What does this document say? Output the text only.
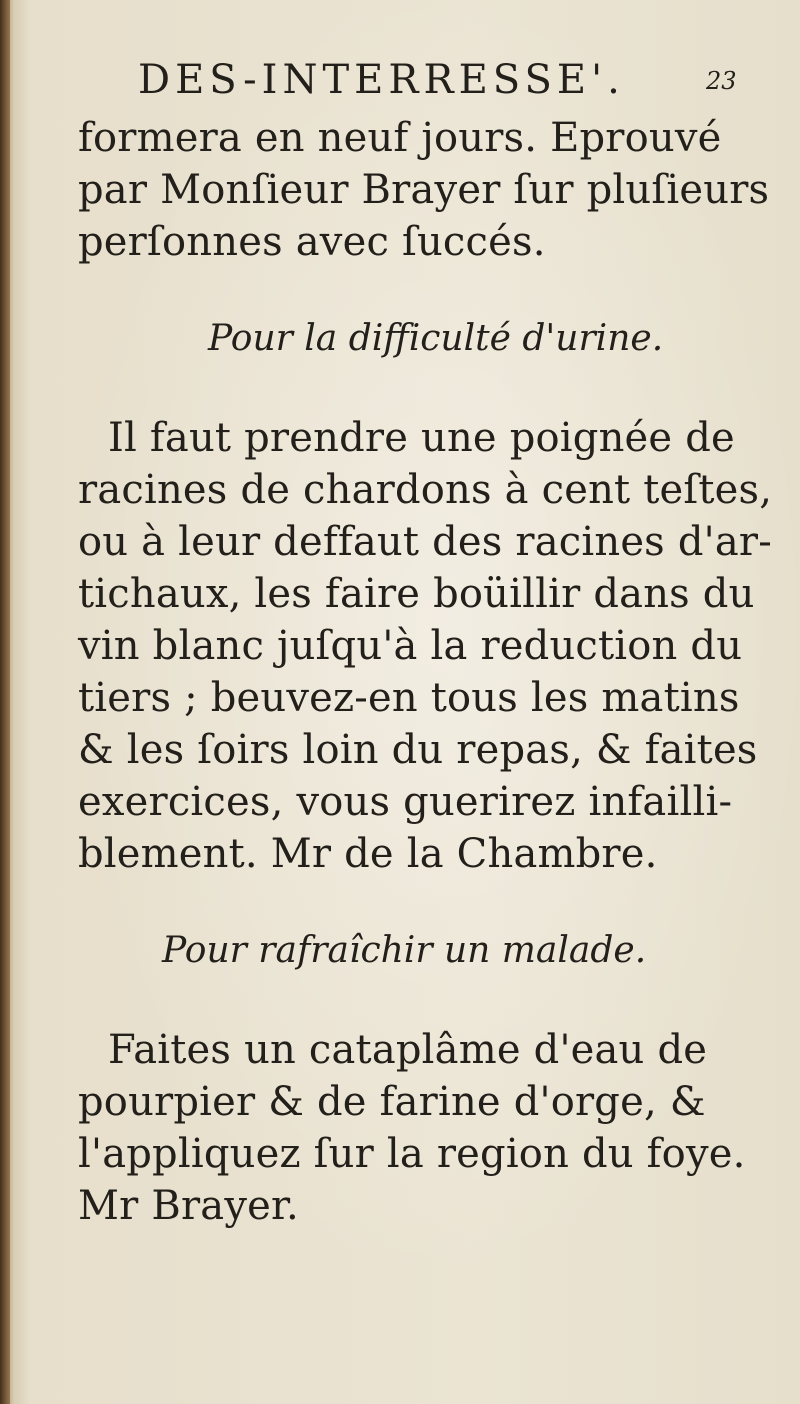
DES-INTERRESSE'.	23
formera en neuf jours. Eprouvé
par Monſieur Brayer ſur pluſieurs
perſonnes avec ſuccés.
Pour la difficulté d'urine.
Il faut prendre une poignée de
racines de chardons à cent teſtes,
ou à leur deffaut des racines d'ar-
tichaux, les faire boüillir dans du
vin blanc juſqu'à la reduction du
tiers ; beuvez-en tous les matins
& les ſoirs loin du repas, & faites
exercices, vous guerirez infailli-
blement. Mr de la Chambre.
Pour rafraîchir un malade.
Faites un cataplâme d'eau de
pourpier & de farine d'orge, &
l'appliquez ſur la region du foye.
Mr Brayer.
